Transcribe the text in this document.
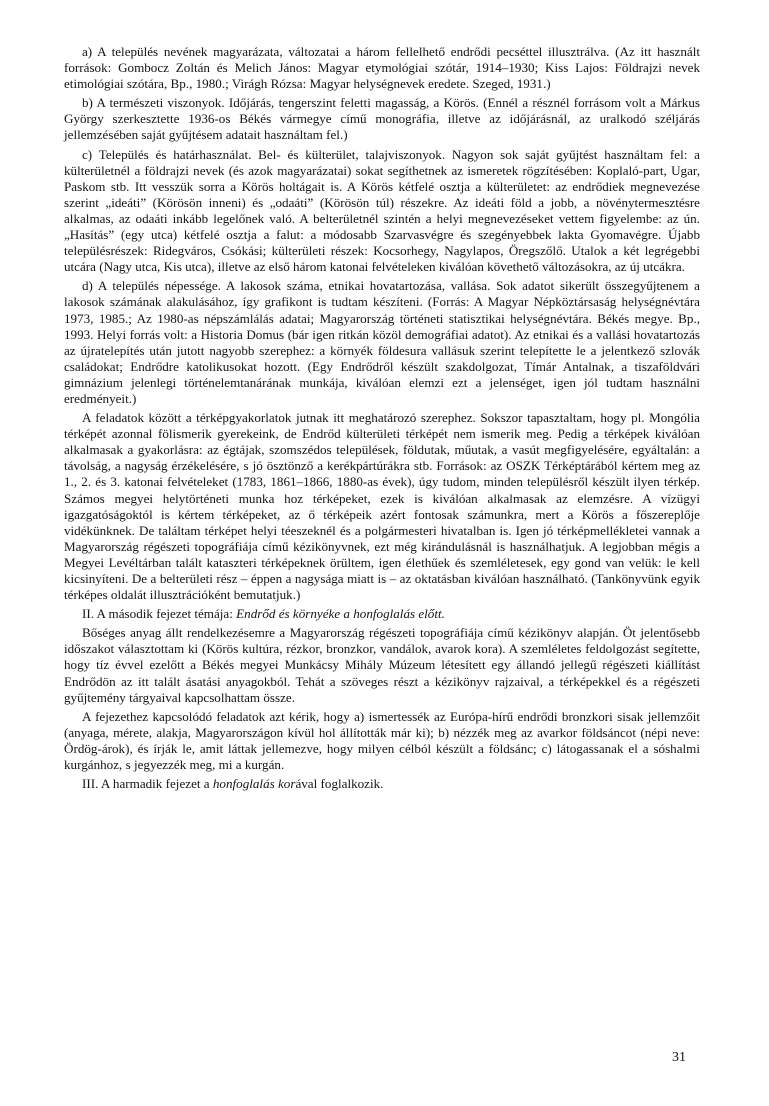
a) A település nevének magyarázata, változatai a három fellelhető endrődi pecséttel illusztrálva. (Az itt használt források: Gombocz Zoltán és Melich János: Magyar etymológiai szótár, 1914–1930; Kiss Lajos: Földrajzi nevek etimológiai szótára, Bp., 1980.; Virágh Rózsa: Magyar helységnevek eredete. Szeged, 1931.)

b) A természeti viszonyok. Időjárás, tengerszint feletti magasság, a Körös. (Ennél a résznél forrásom volt a Márkus György szerkesztette 1936-os Békés vármegye című monográfia, illetve az időjárásnál, az uralkodó széljárás jellemzésében saját gyűjtésem adatait használtam fel.)

c) Település és határhasználat. Bel- és külterület, talajviszonyok. Nagyon sok saját gyűjtést használtam fel: a külterületnél a földrajzi nevek (és azok magyarázatai) sokat segíthetnek az ismeretek rögzítésében: Koplaló-part, Ugar, Paskom stb. Itt vesszük sorra a Körös holtágait is. A Körös kétfelé osztja a külterületet: az endrődiek megnevezése szerint „ideáti” (Körösön inneni) és „odaáti” (Körösön túl) részekre. Az ideáti föld a jobb, a növénytermesztésre alkalmas, az odaáti inkább legelőnek való. A belterületnél szintén a helyi megnevezéseket vettem figyelembe: az ún. „Hasítás” (egy utca) kétfelé osztja a falut: a módosabb Szarvasvégre és szegényebbek lakta Gyomavégre. Újabb településrészek: Ridegváros, Csókási; külterületi részek: Kocsorhegy, Nagylapos, Öregszőlő. Utalok a két legrégebbi utcára (Nagy utca, Kis utca), illetve az első három katonai felvételeken kiválóan követhető változásokra, az új utcákra.

d) A település népessége. A lakosok száma, etnikai hovatartozása, vallása. Sok adatot sikerült összegyűjtenem a lakosok számának alakulásához, így grafikont is tudtam készíteni. (Forrás: A Magyar Népköztársaság helységnévtára 1973, 1985.; Az 1980-as népszámlálás adatai; Magyarország történeti statisztikai helységnévtára. Békés megye. Bp., 1993. Helyi forrás volt: a Historia Domus (bár igen ritkán közöl demográfiai adatot). Az etnikai és a vallási hovatartozás az újratelepítés után jutott nagyobb szerephez: a környék földesura vallásuk szerint telepítette le a jelentkező szlovák családokat; Endrődre katolikusokat hozott. (Egy Endrődről készült szakdolgozat, Tímár Antalnak, a tiszaföldvári gimnázium jelenlegi történelemtanárának munkája, kiválóan elemzi ezt a jelenséget, igen jól tudtam használni eredményeit.)

A feladatok között a térképgyakorlatok jutnak itt meghatározó szerephez. Sokszor tapasztaltam, hogy pl. Mongólia térképét azonnal fölismerik gyerekeink, de Endrőd külterületi térképét nem ismerik meg. Pedig a térképek kiválóan alkalmasak a gyakorlásra: az égtájak, szomszédos települések, földutak, műutak, a vasút megfigyelésére, egyáltalán: a távolság, a nagyság érzékelésére, s jó ösztönző a kerékpártúrákra stb. Források: az OSZK Térképtárából kértem meg az 1., 2. és 3. katonai felvételeket (1783, 1861–1866, 1880-as évek), úgy tudom, minden településről készült ilyen térkép. Számos megyei helytörténeti munka hoz térképeket, ezek is kiválóan alkalmasak az elemzésre. A vízügyi igazgatóságoktól is kértem térképeket, az ő térképeik azért fontosak számunkra, mert a Körös a főszereplője vidékünknek. De találtam térképet helyi téeszeknél és a polgármesteri hivatalban is. Igen jó térképmellékletei vannak a Magyarország régészeti topográfiája című kézikönyvnek, ezt még kirándulásnál is használhatjuk. A legjobban mégis a Megyei Levéltárban talált kataszteri térképeknek örültem, igen élethűek és szemléletesek, egy gond van velük: le kell kicsinyíteni. De a belterületi rész – éppen a nagysága miatt is – az oktatásban kiválóan használható. (Tankönyvünk egyik térképes oldalát illusztrációként bemutatjuk.)

II. A második fejezet témája: Endrőd és környéke a honfoglalás előtt.

Bőséges anyag állt rendelkezésemre a Magyarország régészeti topográfiája című kézikönyv alapján. Öt jelentősebb időszakot választottam ki (Körös kultúra, rézkor, bronzkor, vandálok, avarok kora). A szemléletes feldolgozást segítette, hogy tíz évvel ezelőtt a Békés megyei Munkácsy Mihály Múzeum létesített egy állandó jellegű régészeti kiállítást Endrődön az itt talált ásatási anyagokból. Tehát a szöveges részt a kézikönyv rajzaival, a térképekkel és a régészeti gyűjtemény tárgyaival kapcsolhattam össze.

A fejezethez kapcsolódó feladatok azt kérik, hogy a) ismertessék az Európa-hírű endrődi bronzkori sisak jellemzőit (anyaga, mérete, alakja, Magyarországon kívül hol állították már ki); b) nézzék meg az avarkor földsáncot (népi neve: Ördög-árok), és írják le, amit láttak jellemezve, hogy milyen célból készült a földsánc; c) látogassanak el a sóshalmi kurgánhoz, s jegyezzék meg, mi a kurgán.

III. A harmadik fejezet a honfoglalás korával foglalkozik.

31
